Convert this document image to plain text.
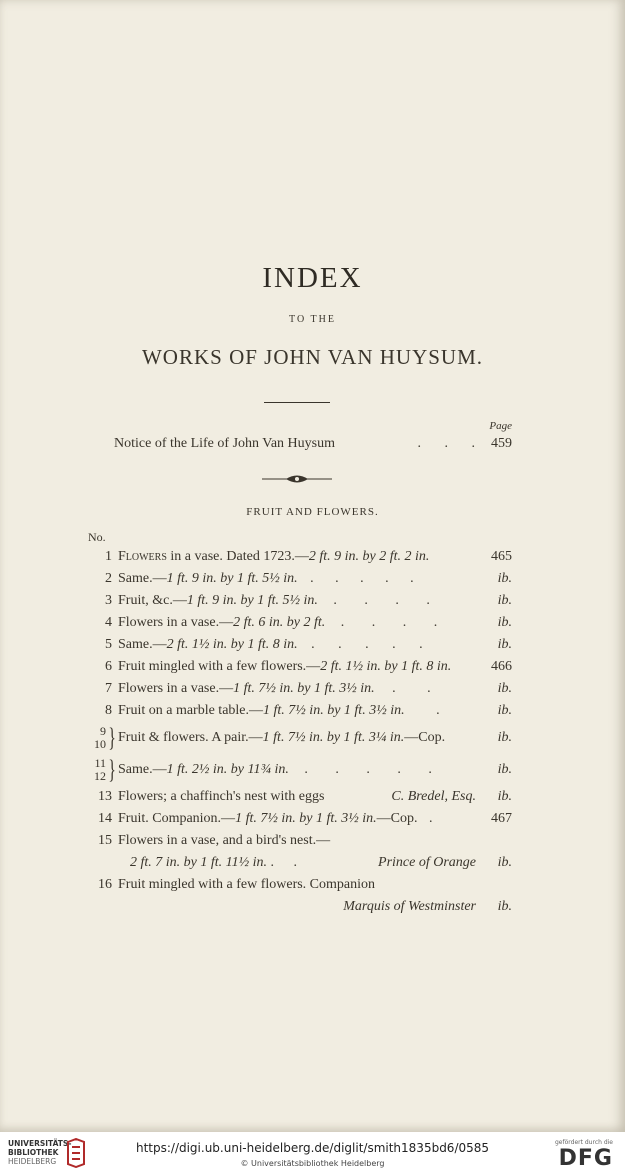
INDEX
TO THE
WORKS OF JOHN VAN HUYSUM.
Page
Notice of the Life of John Van Huysum	. . . 459
FRUIT AND FLOWERS.
No.
1 Flowers in a vase. Dated 1723.—2 ft. 9 in. by 2 ft. 2 in.	465
2 Same.—1 ft. 9 in. by 1 ft. 5½ in. . . . . .	ib.
3 Fruit, &c.—1 ft. 9 in. by 1 ft. 5½ in. . . . .	ib.
4 Flowers in a vase.—2 ft. 6 in. by 2 ft. . . . .	ib.
5 Same.—2 ft. 1½ in. by 1 ft. 8 in. . . . . .	ib.
6 Fruit mingled with a few flowers.—2 ft. 1½ in. by 1 ft. 8 in.	466
7 Flowers in a vase.—1 ft. 7½ in. by 1 ft. 3½ in. . .	ib.
8 Fruit on a marble table.—1 ft. 7½ in. by 1 ft. 3½ in. .	ib.
9
10 } Fruit & flowers. A pair.—1 ft. 7½ in. by 1 ft. 3¼ in.—Cop.	ib.
11
12 } Same.—1 ft. 2½ in. by 11¾ in. . . . . .	ib.
13 Flowers; a chaffinch's nest with eggs	C. Bredel, Esq.	ib.
14 Fruit. Companion.—1 ft. 7½ in. by 1 ft. 3½ in.—Cop. .	467
15 Flowers in a vase, and a bird's nest.—
2 ft. 7 in. by 1 ft. 11½ in. . .	Prince of Orange	ib.
16 Fruit mingled with a few flowers. Companion
Marquis of Westminster	ib.
UNIVERSITÄTS-
BIBLIOTHEK
HEIDELBERG
https://digi.ub.uni-heidelberg.de/diglit/smith1835bd6/0585
© Universitätsbibliothek Heidelberg
gefördert durch die
DFG
